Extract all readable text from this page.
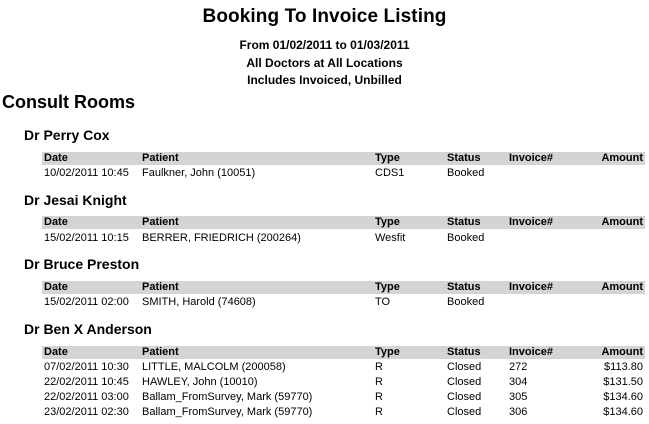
Booking To Invoice Listing
From 01/02/2011 to 01/03/2011
All Doctors at All Locations
Includes Invoiced, Unbilled
Consult Rooms
Dr Perry Cox
Date	Patient	Type	Status	Invoice#	Amount
10/02/2011 10:45 Faulkner, John (10051)	CDS1	Booked
Dr Jesai Knight
Date	Patient	Type	Status	Invoice#	Amount
15/02/2011 10:15 BERRER, FRIEDRICH (200264)	Wesfit	Booked
Dr Bruce Preston
Date	Patient	Type	Status	Invoice#	Amount
15/02/2011 02:00 SMITH, Harold (74608)	TO	Booked
Dr Ben X Anderson
Date	Patient	Type	Status	Invoice#	Amount
07/02/2011 10:30 LITTLE, MALCOLM (200058)	R	Closed	272	$113.80
22/02/2011 10:45 HAWLEY, John (10010)	R	Closed	304	$131.50
22/02/2011 03:00 Ballam_FromSurvey, Mark (59770)	R	Closed	305	$134.60
23/02/2011 02:30 Ballam_FromSurvey, Mark (59770)	R	Closed	306	$134.60
